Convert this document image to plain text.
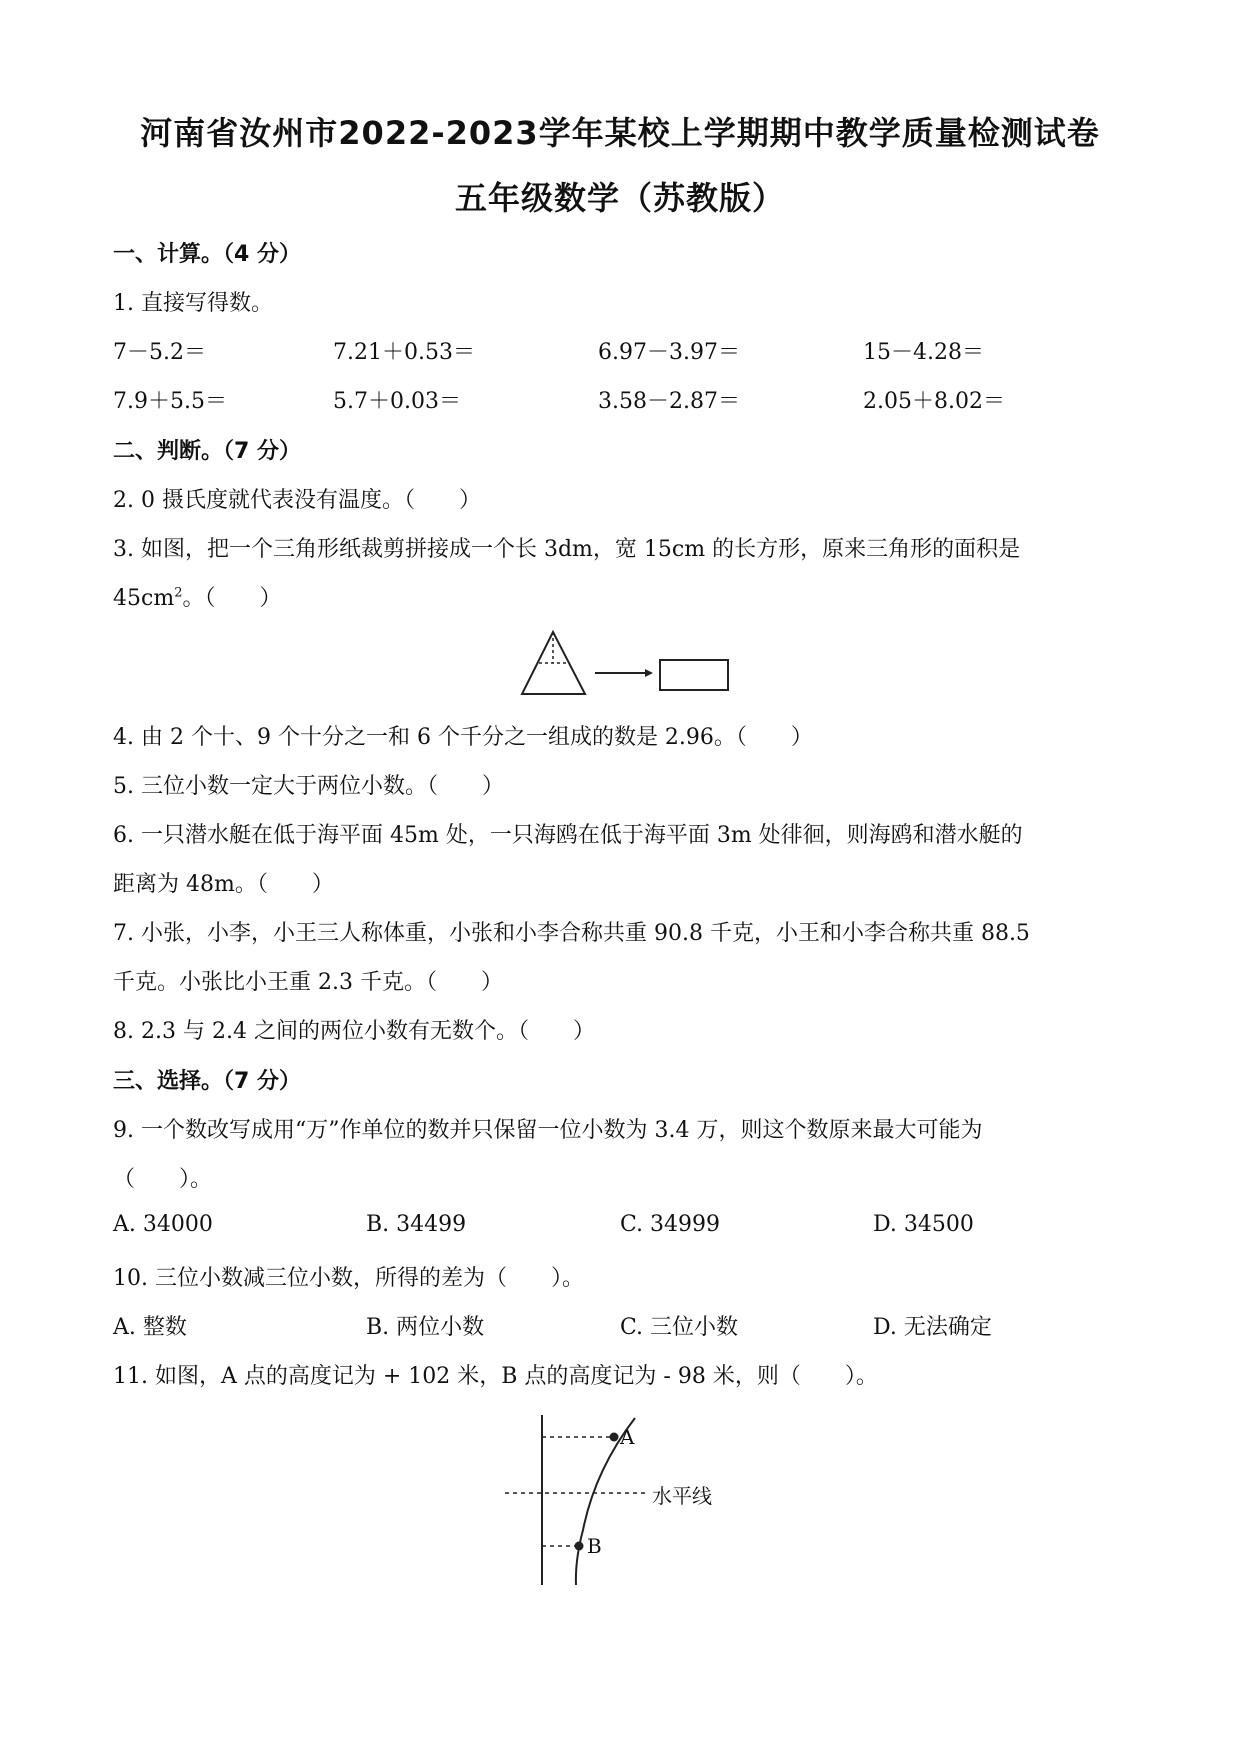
河南省汝州市2022-2023学年某校上学期期中教学质量检测试卷
五年级数学（苏教版）
一、计算。（4 分）
1. 直接写得数。
7－5.2＝	7.21＋0.53＝	6.97－3.97＝	15－4.28＝
7.9＋5.5＝	5.7＋0.03＝	3.58－2.87＝	2.05＋8.02＝
二、判断。（7 分）
2. 0 摄氏度就代表没有温度。（　　）
3. 如图，把一个三角形纸裁剪拼接成一个长 3dm，宽 15cm 的长方形，原来三角形的面积是
$45cm^2$。（　　）
4. 由 2 个十、9 个十分之一和 6 个千分之一组成的数是 2.96。（　　）
5. 三位小数一定大于两位小数。（　　）
6. 一只潜水艇在低于海平面 45m 处，一只海鸥在低于海平面 3m 处徘徊，则海鸥和潜水艇的
距离为 48m。（　　）
7. 小张，小李，小王三人称体重，小张和小李合称共重 90.8 千克，小王和小李合称共重 88.5
千克。小张比小王重 2.3 千克。（　　）
8. 2.3 与 2.4 之间的两位小数有无数个。（　　）
三、选择。（7 分）
9. 一个数改写成用“万”作单位的数并只保留一位小数为 3.4 万，则这个数原来最大可能为
（　　）。
A. 34000	B. 34499	C. 34999	D. 34500
10. 三位小数减三位小数，所得的差为（　　）。
A. 整数	B. 两位小数	C. 三位小数	D. 无法确定
11. 如图，A 点的高度记为 + 102 米，B 点的高度记为 - 98 米，则（　　）。
A
水平线
B
